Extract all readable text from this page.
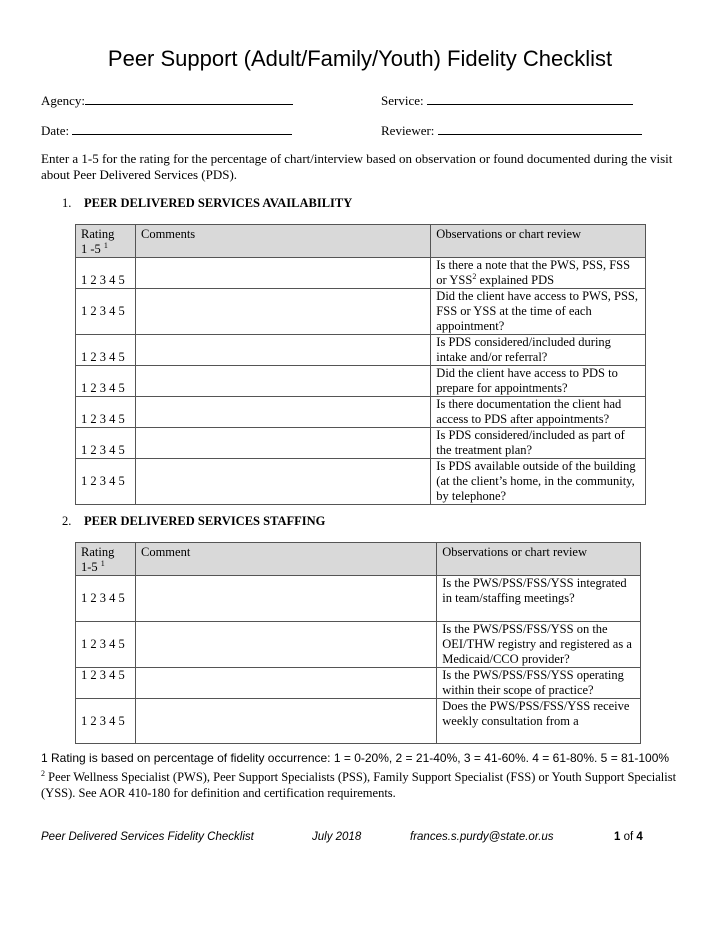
Peer Support (Adult/Family/Youth) Fidelity Checklist
Agency:	Service:
Date:	Reviewer:
Enter a 1-5 for the rating for the percentage of chart/interview based on observation or found documented during the visit about Peer Delivered Services (PDS).
1. PEER DELIVERED SERVICES AVAILABILITY
Rating
1 -5 $^1$	Comments	Observations or chart review
1 2 3 4 5		Is there a note that the PWS, PSS, FSS or YSS$^2$ explained PDS
1 2 3 4 5		Did the client have access to PWS, PSS, FSS or YSS at the time of each appointment?
1 2 3 4 5		Is PDS considered/included during intake and/or referral?
1 2 3 4 5		Did the client have access to PDS to prepare for appointments?
1 2 3 4 5		Is there documentation the client had access to PDS after appointments?
1 2 3 4 5		Is PDS considered/included as part of the treatment plan?
1 2 3 4 5		Is PDS available outside of the building (at the client’s home, in the community, by telephone?
2. PEER DELIVERED SERVICES STAFFING
Rating
1-5 $^1$	Comment	Observations or chart review
1 2 3 4 5		Is the PWS/PSS/FSS/YSS integrated in team/staffing meetings?
1 2 3 4 5		Is the PWS/PSS/FSS/YSS on the OEI/THW registry and registered as a Medicaid/CCO provider?
1 2 3 4 5		Is the PWS/PSS/FSS/YSS operating within their scope of practice?
1 2 3 4 5		Does the PWS/PSS/FSS/YSS receive weekly consultation from a
1 Rating is based on percentage of fidelity occurrence: 1 = 0-20%, 2 = 21-40%, 3 = 41-60%. 4 = 61-80%. 5 = 81-100%
$^2$ Peer Wellness Specialist (PWS), Peer Support Specialists (PSS), Family Support Specialist (FSS) or Youth Support Specialist (YSS). See AOR 410-180 for definition and certification requirements.
Peer Delivered Services Fidelity Checklist	July 2018	frances.s.purdy@state.or.us	1 of 4
